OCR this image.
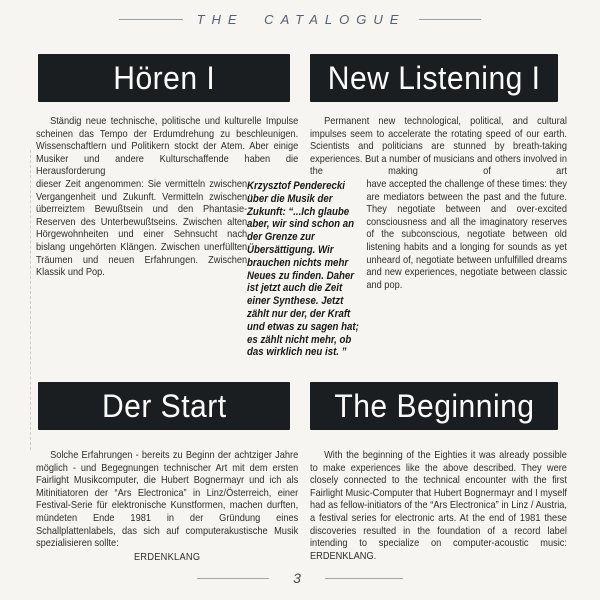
THE CATALOGUE
Hören I	New Listening I

Ständig neue technische, politische und kulturelle Impulse scheinen das Tempo der Erdumdrehung zu beschleunigen. Wissenschaftlern und Politikern stockt der Atem. Aber einige Musiker und andere Kulturschaffende haben die Herausforderung

dieser Zeit angenommen: Sie vermitteln zwischen Vergangenheit und Zukunft. Vermitteln zwischen überreiztem Bewußtsein und den Phantasie-Reserven des Unterbewußtseins. Zwischen alten Hörgewohnheiten und einer Sehnsucht nach bislang ungehörten Klängen. Zwischen unerfüllten Träumen und neuen Erfahrungen. Zwischen Klassik und Pop.

Permanent new technological, political, and cultural impulses seem to accelerate the rotating speed of our earth. Scientists and politicians are stunned by breath-taking experiences. But a number of musicians and others involved in the making of art

have accepted the challenge of these times: they are mediators between the past and the future. They negotiate between and over-excited consciousness and all the imaginatory reserves of the subconscious, negotiate between old listening habits and a longing for sounds as yet unheard of, negotiate between unfulfilled dreams and new experiences, negotiate between classic and pop.

Krzysztof Penderecki über die Musik der Zukunft: “...Ich glaube aber, wir sind schon an der Grenze zur Übersättigung. Wir brauchen nichts mehr Neues zu finden. Daher ist jetzt auch die Zeit einer Synthese. Jetzt zählt nur der, der Kraft und etwas zu sagen hat; es zählt nicht mehr, ob das wirklich neu ist. ”
Der Start	The Beginning

Solche Erfahrungen - bereits zu Beginn der achtziger Jahre möglich - und Begegnungen technischer Art mit dem ersten Fairlight Musikcomputer, die Hubert Bognermayr und ich als Mitinitiatoren der “Ars Electronica” in Linz/Österreich, einer Festival-Serie für elektronische Kunstformen, machen durften, mündeten Ende 1981 in der Gründung eines Schallplattenlabels, das sich auf computerakustische Musik spezialisieren sollte:

ERDENKLANG

With the beginning of the Eighties it was already possible to make experiences like the above described. They were closely connected to the technical encounter with the first Fairlight Music-Computer that Hubert Bognermayr and I myself had as fellow-initiators of the “Ars Electronica” in Linz / Austria, a festival series for electronic arts. At the end of 1981 these discoveries resulted in the foundation of a record label intending to specialize on computer-acoustic music: ERDENKLANG.

3
